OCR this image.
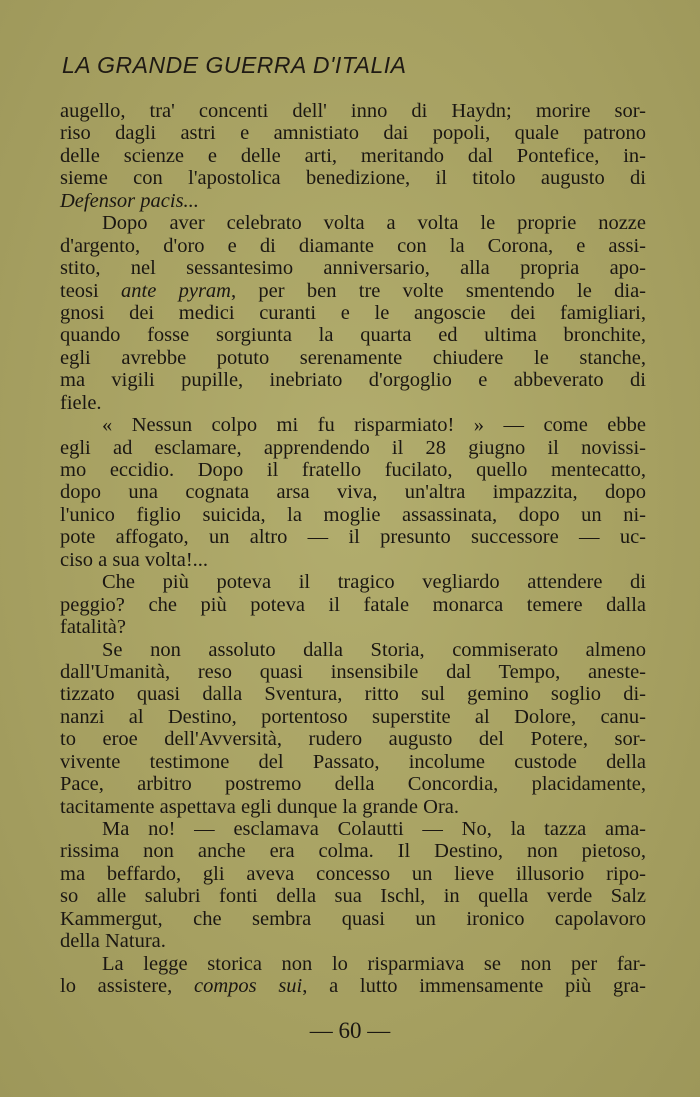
LA GRANDE GUERRA D'ITALIA
augello, tra' concenti dell' inno di Haydn; morire sor-
riso dagli astri e amnistiato dai popoli, quale patrono
delle scienze e delle arti, meritando dal Pontefice, in-
sieme con l'apostolica benedizione, il titolo augusto di
Defensor pacis...
Dopo aver celebrato volta a volta le proprie nozze
d'argento, d'oro e di diamante con la Corona, e assi-
stito, nel sessantesimo anniversario, alla propria apo-
teosi ante pyram, per ben tre volte smentendo le dia-
gnosi dei medici curanti e le angoscie dei famigliari,
quando fosse sorgiunta la quarta ed ultima bronchite,
egli avrebbe potuto serenamente chiudere le stanche,
ma vigili pupille, inebriato d'orgoglio e abbeverato di
fiele.
« Nessun colpo mi fu risparmiato! » — come ebbe
egli ad esclamare, apprendendo il 28 giugno il novissi-
mo eccidio. Dopo il fratello fucilato, quello mentecatto,
dopo una cognata arsa viva, un'altra impazzita, dopo
l'unico figlio suicida, la moglie assassinata, dopo un ni-
pote affogato, un altro — il presunto successore — uc-
ciso a sua volta!...
Che più poteva il tragico vegliardo attendere di
peggio? che più poteva il fatale monarca temere dalla
fatalità?
Se non assoluto dalla Storia, commiserato almeno
dall'Umanità, reso quasi insensibile dal Tempo, aneste-
tizzato quasi dalla Sventura, ritto sul gemino soglio di-
nanzi al Destino, portentoso superstite al Dolore, canu-
to eroe dell'Avversità, rudero augusto del Potere, sor-
vivente testimone del Passato, incolume custode della
Pace, arbitro postremo della Concordia, placidamente,
tacitamente aspettava egli dunque la grande Ora.
Ma no! — esclamava Colautti — No, la tazza ama-
rissima non anche era colma. Il Destino, non pietoso,
ma beffardo, gli aveva concesso un lieve illusorio ripo-
so alle salubri fonti della sua Ischl, in quella verde Salz
Kammergut, che sembra quasi un ironico capolavoro
della Natura.
La legge storica non lo risparmiava se non per far-
lo assistere, compos sui, a lutto immensamente più gra-
— 60 —
